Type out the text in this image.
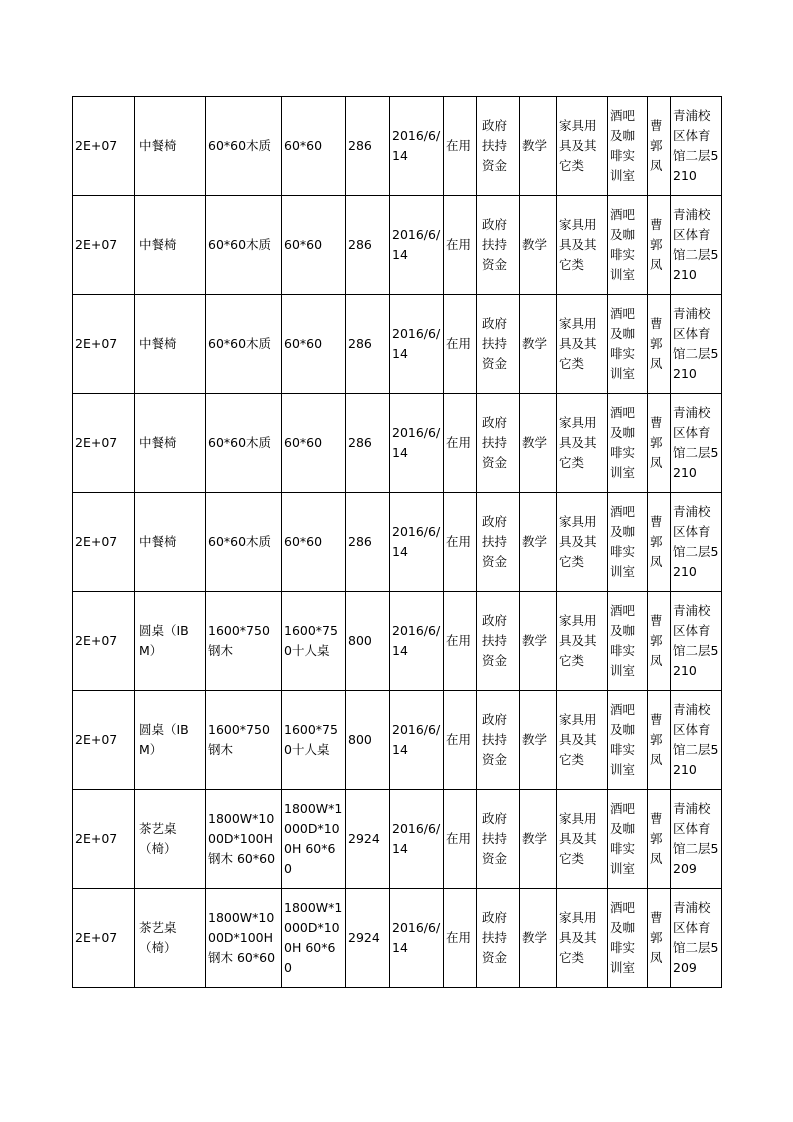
2E+07	中餐椅	60*60木质	60*60	286	2016/6/14	在用	政府扶持资金	教学	家具用具及其它类	酒吧及咖啡实训室	曹郭凤	青浦校区体育馆二层5210
2E+07	中餐椅	60*60木质	60*60	286	2016/6/14	在用	政府扶持资金	教学	家具用具及其它类	酒吧及咖啡实训室	曹郭凤	青浦校区体育馆二层5210
2E+07	中餐椅	60*60木质	60*60	286	2016/6/14	在用	政府扶持资金	教学	家具用具及其它类	酒吧及咖啡实训室	曹郭凤	青浦校区体育馆二层5210
2E+07	中餐椅	60*60木质	60*60	286	2016/6/14	在用	政府扶持资金	教学	家具用具及其它类	酒吧及咖啡实训室	曹郭凤	青浦校区体育馆二层5210
2E+07	中餐椅	60*60木质	60*60	286	2016/6/14	在用	政府扶持资金	教学	家具用具及其它类	酒吧及咖啡实训室	曹郭凤	青浦校区体育馆二层5210
2E+07	圆桌（IBM）	1600*750钢木	1600*750十人桌	800	2016/6/14	在用	政府扶持资金	教学	家具用具及其它类	酒吧及咖啡实训室	曹郭凤	青浦校区体育馆二层5210
2E+07	圆桌（IBM）	1600*750钢木	1600*750十人桌	800	2016/6/14	在用	政府扶持资金	教学	家具用具及其它类	酒吧及咖啡实训室	曹郭凤	青浦校区体育馆二层5210
2E+07	茶艺桌（椅）	1800W*1000D*100H钢木 60*60	1800W*1000D*100H 60*60	2924	2016/6/14	在用	政府扶持资金	教学	家具用具及其它类	酒吧及咖啡实训室	曹郭凤	青浦校区体育馆二层5209
2E+07	茶艺桌（椅）	1800W*1000D*100H钢木 60*60	1800W*1000D*100H 60*60	2924	2016/6/14	在用	政府扶持资金	教学	家具用具及其它类	酒吧及咖啡实训室	曹郭凤	青浦校区体育馆二层5209
